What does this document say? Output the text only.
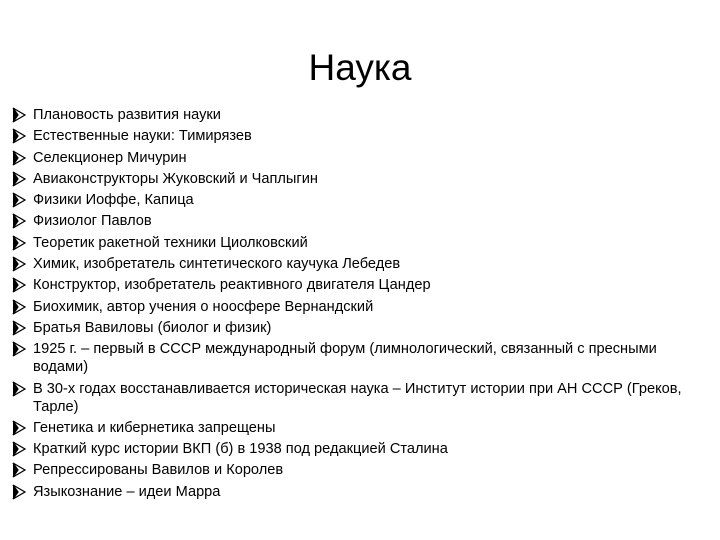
Наука
Плановость развития науки
Естественные науки: Тимирязев
Селекционер Мичурин
Авиаконструкторы Жуковский и Чаплыгин
Физики Иоффе, Капица
Физиолог Павлов
Теоретик ракетной техники Циолковский
Химик, изобретатель синтетического каучука Лебедев
Конструктор, изобретатель реактивного двигателя Цандер
Биохимик, автор учения о ноосфере Вернандский
Братья Вавиловы (биолог и физик)
1925 г. – первый в СССР международный форум (лимнологический, связанный с пресными водами)
В 30-х годах восстанавливается историческая наука – Институт истории при АН СССР (Греков, Тарле)
Генетика и кибернетика запрещены
Краткий курс истории ВКП (б) в 1938 под редакцией Сталина
Репрессированы Вавилов и Королев
Языкознание – идеи Марра
